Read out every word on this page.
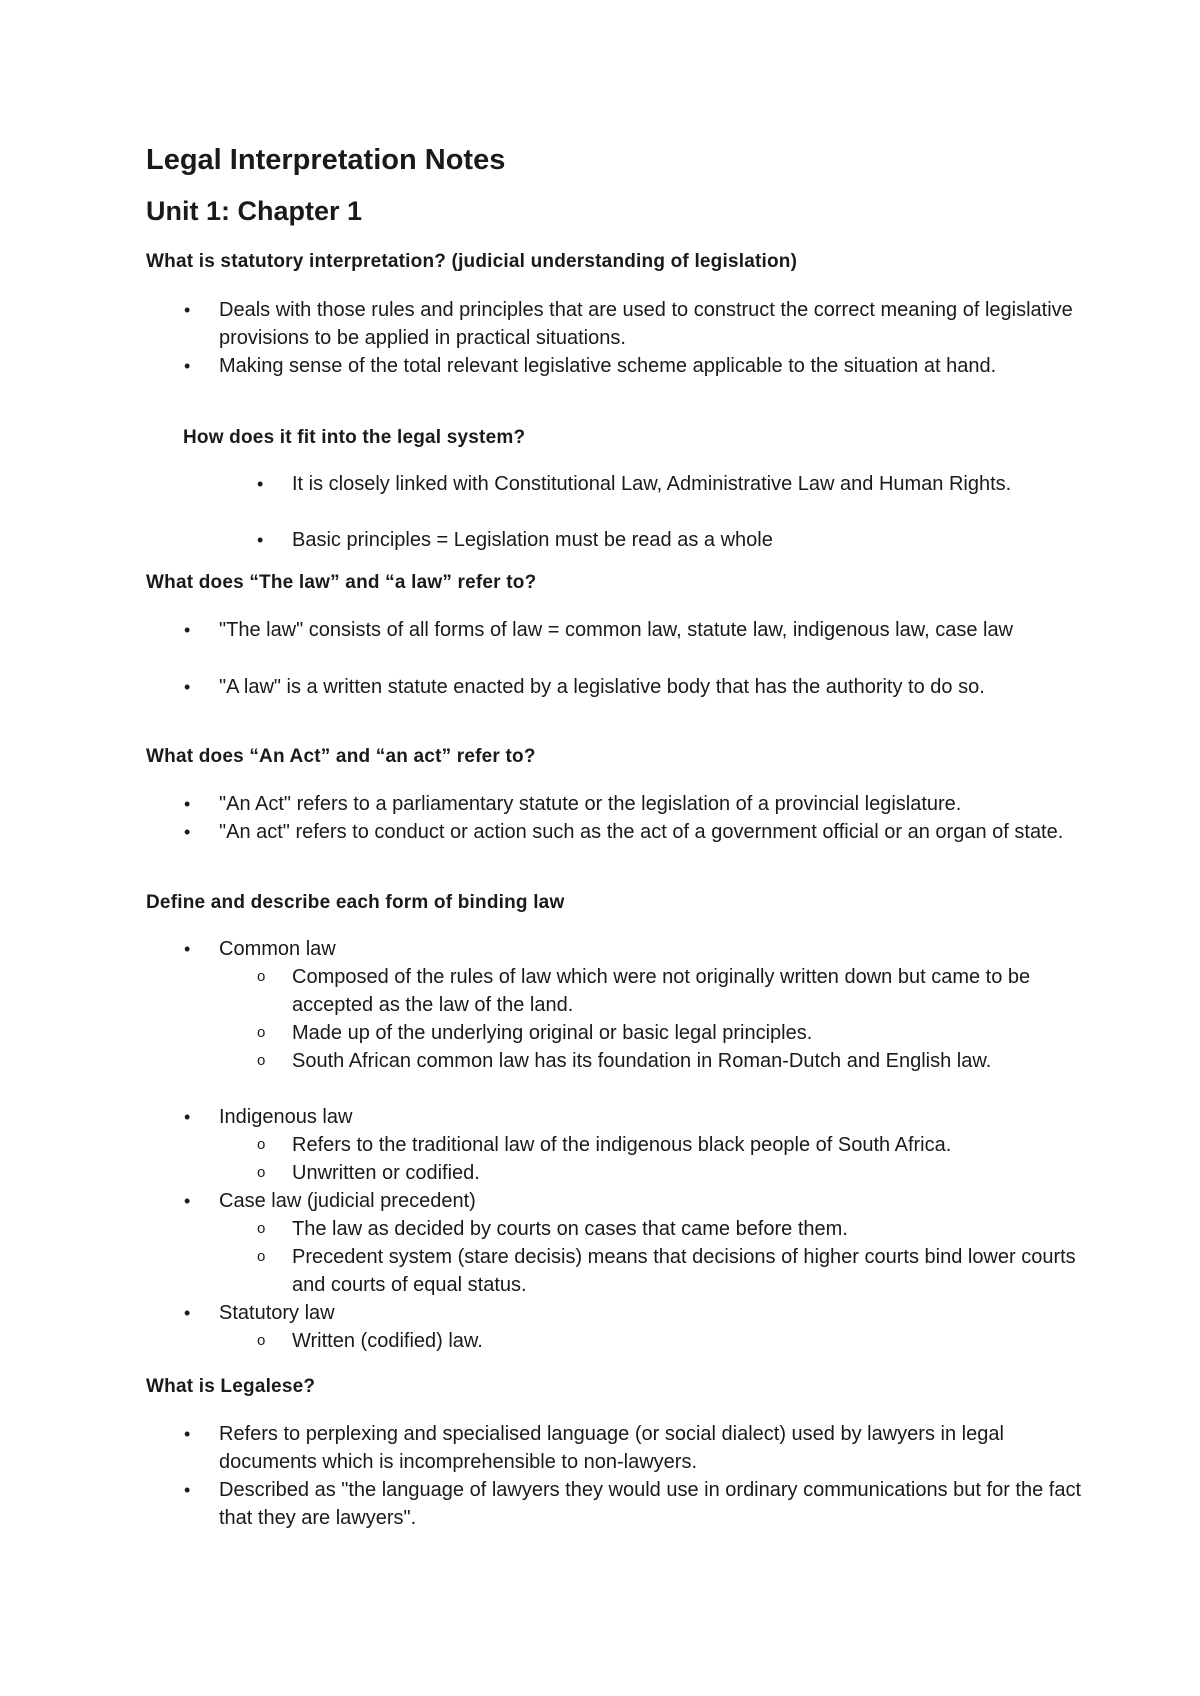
Legal Interpretation Notes
Unit 1: Chapter 1
What is statutory interpretation? (judicial understanding of legislation)
• Deals with those rules and principles that are used to construct the correct meaning of legislative provisions to be applied in practical situations.

• Making sense of the total relevant legislative scheme applicable to the situation at hand.

How does it fit into the legal system?
• It is closely linked with Constitutional Law, Administrative Law and Human Rights.

• Basic principles = Legislation must be read as a whole

What does “The law” and “a law” refer to?
• "The law" consists of all forms of law = common law, statute law, indigenous law, case law

• "A law" is a written statute enacted by a legislative body that has the authority to do so.

What does “An Act” and “an act” refer to?
• "An Act" refers to a parliamentary statute or the legislation of a provincial legislature.

• "An act" refers to conduct or action such as the act of a government official or an organ of state.

Define and describe each form of binding law
• Common law

o Composed of the rules of law which were not originally written down but came to be accepted as the law of the land.

o Made up of the underlying original or basic legal principles.

o South African common law has its foundation in Roman-Dutch and English law.

• Indigenous law

o Refers to the traditional law of the indigenous black people of South Africa.

o Unwritten or codified.

• Case law (judicial precedent)

o The law as decided by courts on cases that came before them.

o Precedent system (stare decisis) means that decisions of higher courts bind lower courts and courts of equal status.

• Statutory law

o Written (codified) law.

What is Legalese?
• Refers to perplexing and specialised language (or social dialect) used by lawyers in legal documents which is incomprehensible to non-lawyers.

• Described as "the language of lawyers they would use in ordinary communications but for the fact that they are lawyers".
